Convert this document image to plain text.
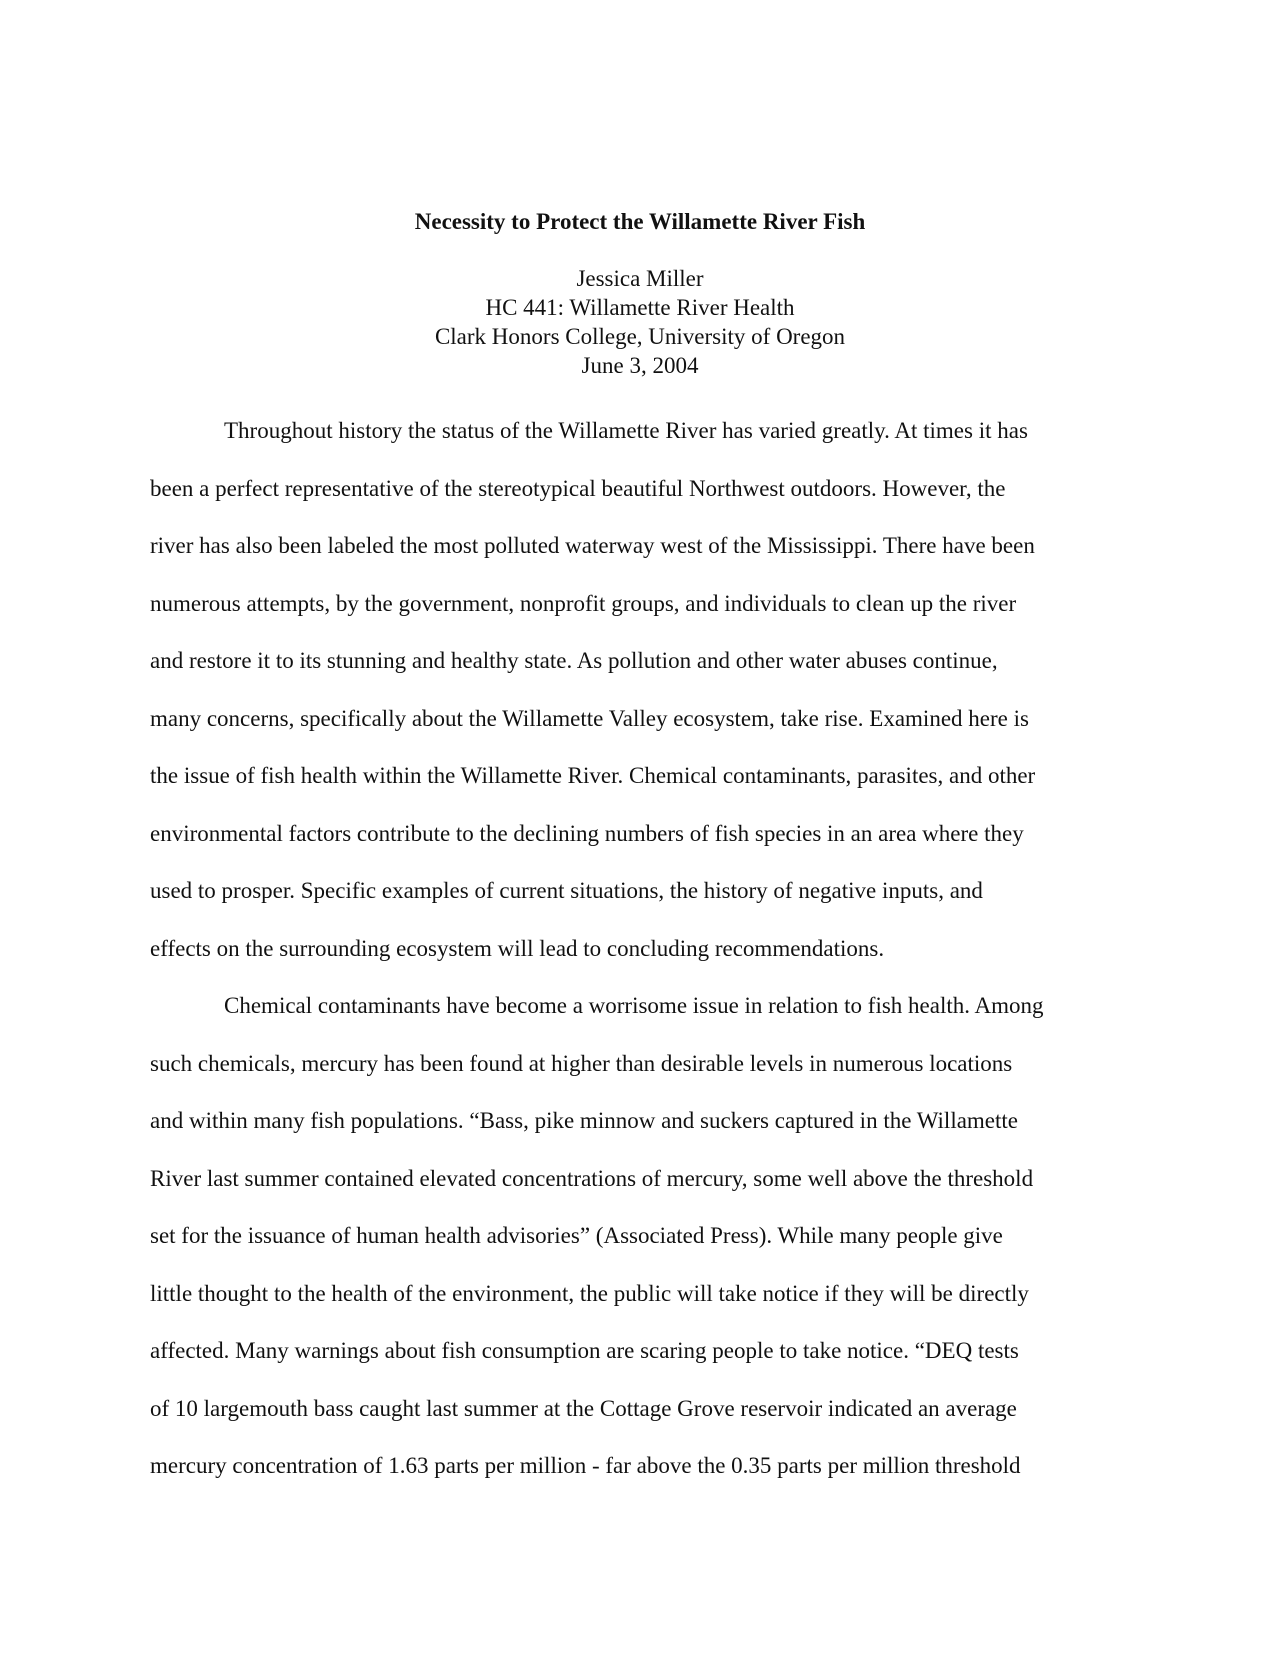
Necessity to Protect the Willamette River Fish
Jessica Miller
HC 441: Willamette River Health
Clark Honors College, University of Oregon
June 3, 2004
Throughout history the status of the Willamette River has varied greatly. At times it has
been a perfect representative of the stereotypical beautiful Northwest outdoors. However, the
river has also been labeled the most polluted waterway west of the Mississippi. There have been
numerous attempts, by the government, nonprofit groups, and individuals to clean up the river
and restore it to its stunning and healthy state. As pollution and other water abuses continue,
many concerns, specifically about the Willamette Valley ecosystem, take rise. Examined here is
the issue of fish health within the Willamette River. Chemical contaminants, parasites, and other
environmental factors contribute to the declining numbers of fish species in an area where they
used to prosper. Specific examples of current situations, the history of negative inputs, and
effects on the surrounding ecosystem will lead to concluding recommendations.
Chemical contaminants have become a worrisome issue in relation to fish health. Among
such chemicals, mercury has been found at higher than desirable levels in numerous locations
and within many fish populations. “Bass, pike minnow and suckers captured in the Willamette
River last summer contained elevated concentrations of mercury, some well above the threshold
set for the issuance of human health advisories” (Associated Press). While many people give
little thought to the health of the environment, the public will take notice if they will be directly
affected. Many warnings about fish consumption are scaring people to take notice. “DEQ tests
of 10 largemouth bass caught last summer at the Cottage Grove reservoir indicated an average
mercury concentration of 1.63 parts per million - far above the 0.35 parts per million threshold
